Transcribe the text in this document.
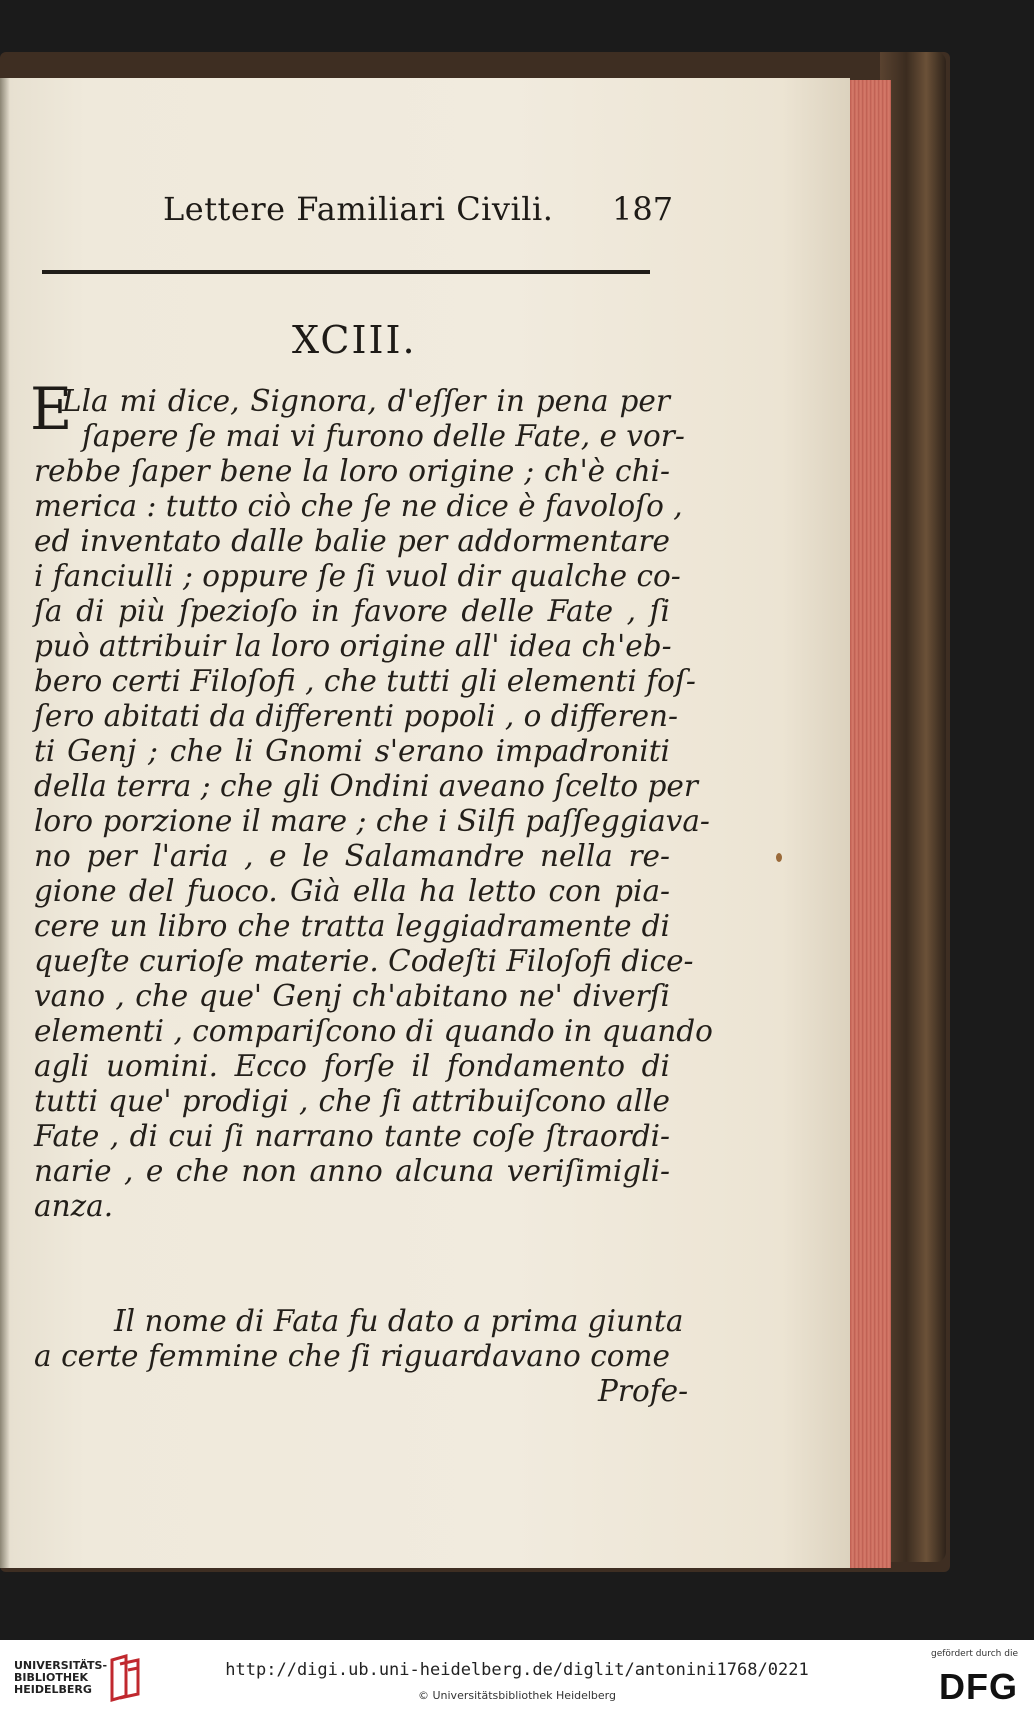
Lettere Familiari Civili. 187
XCIII.
E
Lla mi dice, Signora, d'eſſer in pena per
ſapere ſe mai vi furono delle Fate, e vor-
rebbe ſaper bene la loro origine ; ch'è chi-
merica : tutto ciò che ſe ne dice è favoloſo ,
ed inventato dalle balie per addormentare
i fanciulli ; oppure ſe ſi vuol dir qualche co-
ſa di più ſpezioſo in favore delle Fate , ſi
può attribuir la loro origine all' idea ch'eb-
bero certi Filoſofi , che tutti gli elementi foſ-
ſero abitati da differenti popoli , o differen-
ti Genj ; che li Gnomi s'erano impadroniti
della terra ; che gli Ondini aveano ſcelto per
loro porzione il mare ; che i Silfi paſſeggiava-
no per l'aria , e le Salamandre nella re-
gione del fuoco. Già ella ha letto con pia-
cere un libro che tratta leggiadramente di
queſte curioſe materie. Codeſti Filoſofi dice-
vano , che que' Genj ch'abitano ne' diverſi
elementi , compariſcono di quando in quando
agli uomini. Ecco forſe il fondamento di
tutti que' prodigi , che ſi attribuiſcono alle
Fate , di cui ſi narrano tante coſe ſtraordi-
narie , e che non anno alcuna veriſimigli-
anza.
Il nome di Fata fu dato a prima giunta
a certe femmine che ſi riguardavano come
Profe-
UNIVERSITÄTS-
BIBLIOTHEK
HEIDELBERG
http://digi.ub.uni-heidelberg.de/diglit/antonini1768/0221
© Universitätsbibliothek Heidelberg
gefördert durch die
DFG
